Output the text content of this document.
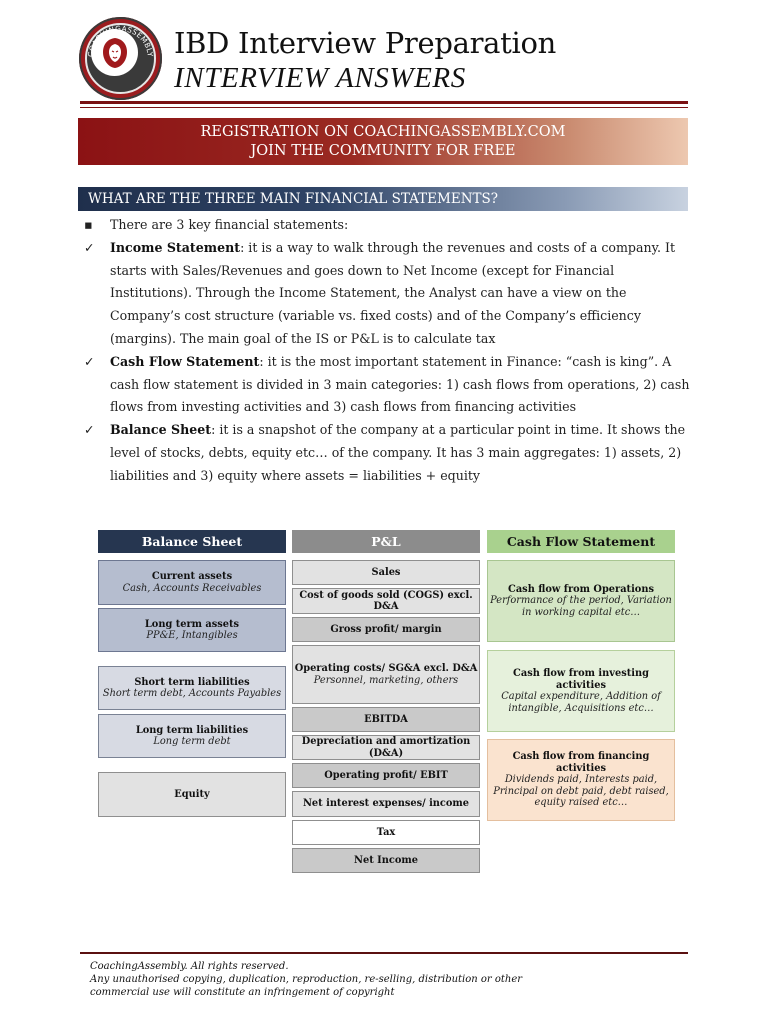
COACHINGASSEMBLY IBD Interview Preparation
INTERVIEW ANSWERS
REGISTRATION ON COACHINGASSEMBLY.COM
JOIN THE COMMUNITY FOR FREE
WHAT ARE THE THREE MAIN FINANCIAL STATEMENTS?
▪ There are 3 key financial statements:
✓ Income Statement: it is a way to walk through the revenues and costs of a company. It starts with Sales/Revenues and goes down to Net Income (except for Financial Institutions). Through the Income Statement, the Analyst can have a view on the Company’s cost structure (variable vs. fixed costs) and of the Company’s efficiency (margins). The main goal of the IS or P&L is to calculate tax
✓ Cash Flow Statement: it is the most important statement in Finance: “cash is king”. A cash flow statement is divided in 3 main categories: 1) cash flows from operations, 2) cash flows from investing activities and 3) cash flows from financing activities
✓ Balance Sheet: it is a snapshot of the company at a particular point in time. It shows the level of stocks, debts, equity etc… of the company. It has 3 main aggregates: 1) assets, 2) liabilities and 3) equity where assets = liabilities + equity
Balance Sheet
Current assets
Cash, Accounts Receivables
Long term assets
PP&E, Intangibles
Short term liabilities
Short term debt, Accounts Payables
Long term liabilities
Long term debt
Equity
P&L
Sales
Cost of goods sold (COGS) excl. D&A
Gross profit/ margin
Operating costs/ SG&A excl. D&A
Personnel, marketing, others
EBITDA
Depreciation and amortization (D&A)
Operating profit/ EBIT
Net interest expenses/ income
Tax
Net Income
Cash Flow Statement
Cash flow from Operations
Performance of the period, Variation in working capital etc…
Cash flow from investing activities
Capital expenditure, Addition of intangible, Acquisitions etc…
Cash flow from financing activities
Dividends paid, Interests paid, Principal on debt paid, debt raised, equity raised etc…
CoachingAssembly. All rights reserved.
Any unauthorised copying, duplication, reproduction, re-selling, distribution or other
commercial use will constitute an infringement of copyright
